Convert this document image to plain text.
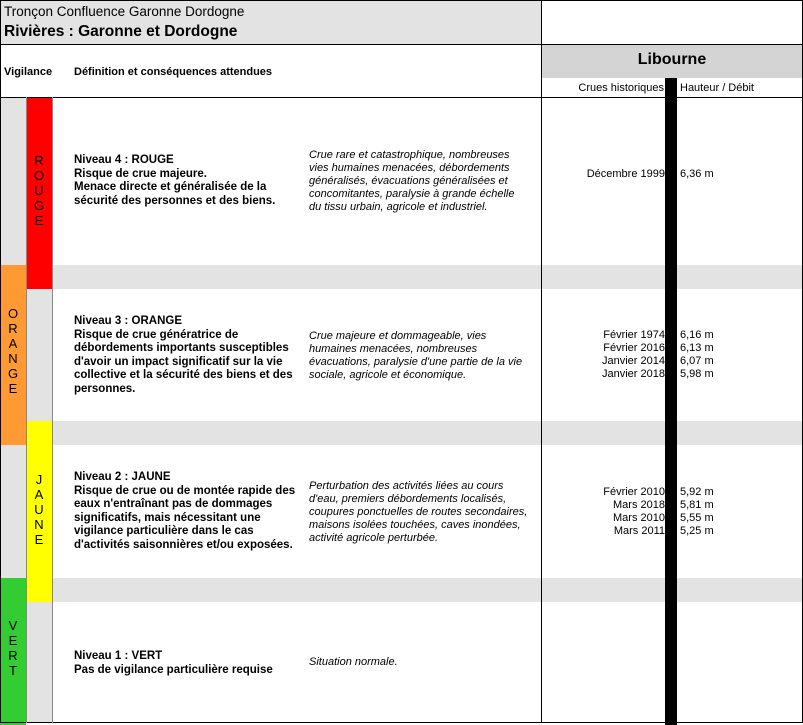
Tronçon Confluence Garonne Dordogne
Rivières : Garonne et Dordogne
Libourne
Vigilance Définition et conséquences attendues
Crues historiques Hauteur / Débit
R
O
U
G
E
O
R
A
N
G
E
J
A
U
N
E
V
E
R
T
Niveau 4 : ROUGE
Risque de crue majeure.
Menace directe et généralisée de la
sécurité des personnes et des biens.
Niveau 3 : ORANGE
Risque de crue génératrice de
débordements importants susceptibles
d'avoir un impact significatif sur la vie
collective et la sécurité des biens et des
personnes.
Niveau 2 : JAUNE
Risque de crue ou de montée rapide des
eaux n'entraînant pas de dommages
significatifs, mais nécessitant une
vigilance particulière dans le cas
d'activités saisonnières et/ou exposées.
Niveau 1 : VERT
Pas de vigilance particulière requise
Crue rare et catastrophique, nombreuses
vies humaines menacées, débordements
généralisés, évacuations généralisées et
concomitantes, paralysie à grande échelle
du tissu urbain, agricole et industriel.
Crue majeure et dommageable, vies
humaines menacées, nombreuses
évacuations, paralysie d'une partie de la vie
sociale, agricole et économique.
Perturbation des activités liées au cours
d'eau, premiers débordements localisés,
coupures ponctuelles de routes secondaires,
maisons isolées touchées, caves inondées,
activité agricole perturbée.
Situation normale.
Décembre 1999 6,36 m
Février 1974
Février 2016
Janvier 2014
Janvier 2018
6,16 m
6,13 m
6,07 m
5,98 m
Février 2010
Mars 2018
Mars 2010
Mars 2011
5,92 m
5,81 m
5,55 m
5,25 m
